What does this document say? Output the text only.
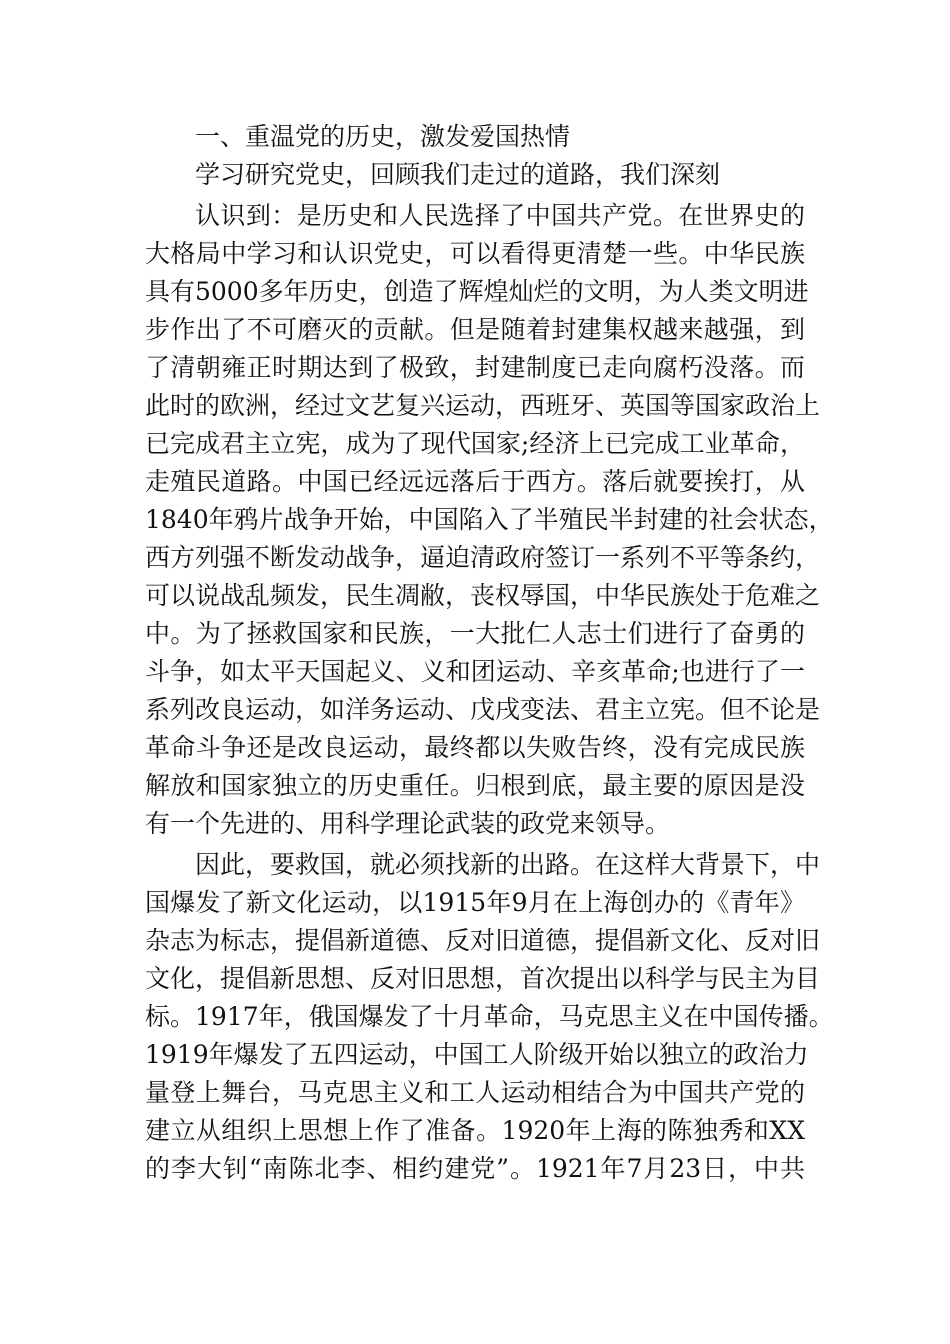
一、重温党的历史，激发爱国热情
学习研究党史，回顾我们走过的道路，我们深刻
认识到：是历史和人民选择了中国共产党。在世界史的
大格局中学习和认识党史，可以看得更清楚一些。中华民族
具有5000多年历史，创造了辉煌灿烂的文明，为人类文明进
步作出了不可磨灭的贡献。但是随着封建集权越来越强，到
了清朝雍正时期达到了极致，封建制度已走向腐朽没落。而
此时的欧洲，经过文艺复兴运动，西班牙、英国等国家政治上
已完成君主立宪，成为了现代国家;经济上已完成工业革命，
走殖民道路。中国已经远远落后于西方。落后就要挨打，从
1840年鸦片战争开始，中国陷入了半殖民半封建的社会状态，
西方列强不断发动战争，逼迫清政府签订一系列不平等条约，
可以说战乱频发，民生凋敝，丧权辱国，中华民族处于危难之
中。为了拯救国家和民族，一大批仁人志士们进行了奋勇的
斗争，如太平天国起义、义和团运动、辛亥革命;也进行了一
系列改良运动，如洋务运动、戊戌变法、君主立宪。但不论是
革命斗争还是改良运动，最终都以失败告终，没有完成民族
解放和国家独立的历史重任。归根到底，最主要的原因是没
有一个先进的、用科学理论武装的政党来领导。
因此，要救国，就必须找新的出路。在这样大背景下，中
国爆发了新文化运动，以1915年9月在上海创办的《青年》
杂志为标志，提倡新道德、反对旧道德，提倡新文化、反对旧
文化，提倡新思想、反对旧思想，首次提出以科学与民主为目
标。1917年，俄国爆发了十月革命，马克思主义在中国传播。
1919年爆发了五四运动，中国工人阶级开始以独立的政治力
量登上舞台，马克思主义和工人运动相结合为中国共产党的
建立从组织上思想上作了准备。1920年上海的陈独秀和XX
的李大钊“南陈北李、相约建党”。1921年7月23日，中共
